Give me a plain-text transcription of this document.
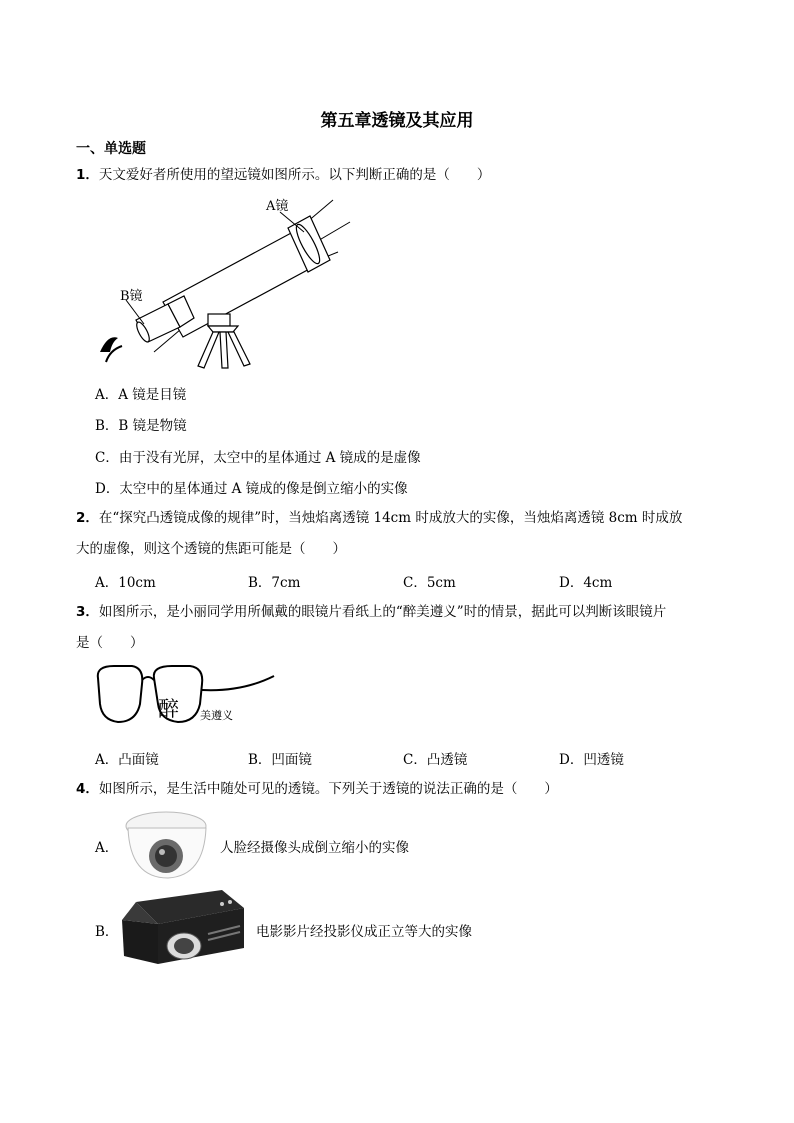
第五章透镜及其应用
一、单选题
1．天文爱好者所使用的望远镜如图所示。以下判断正确的是（　　）
A镜
B镜
A．A 镜是目镜
B．B 镜是物镜
C．由于没有光屏，太空中的星体通过 A 镜成的是虚像
D．太空中的星体通过 A 镜成的像是倒立缩小的实像
2．在“探究凸透镜成像的规律”时，当烛焰离透镜 14cm 时成放大的实像，当烛焰离透镜 8cm 时成放
大的虚像，则这个透镜的焦距可能是（　　）
A．10cm	B．7cm	C．5cm	D．4cm
3．如图所示，是小丽同学用所佩戴的眼镜片看纸上的“醉美遵义”时的情景，据此可以判断该眼镜片
是（　　）
醉 美遵义
A．凸面镜	B．凹面镜	C．凸透镜	D．凹透镜
4．如图所示，是生活中随处可见的透镜。下列关于透镜的说法正确的是（　　）
A．	人脸经摄像头成倒立缩小的实像
B．	电影影片经投影仪成正立等大的实像
